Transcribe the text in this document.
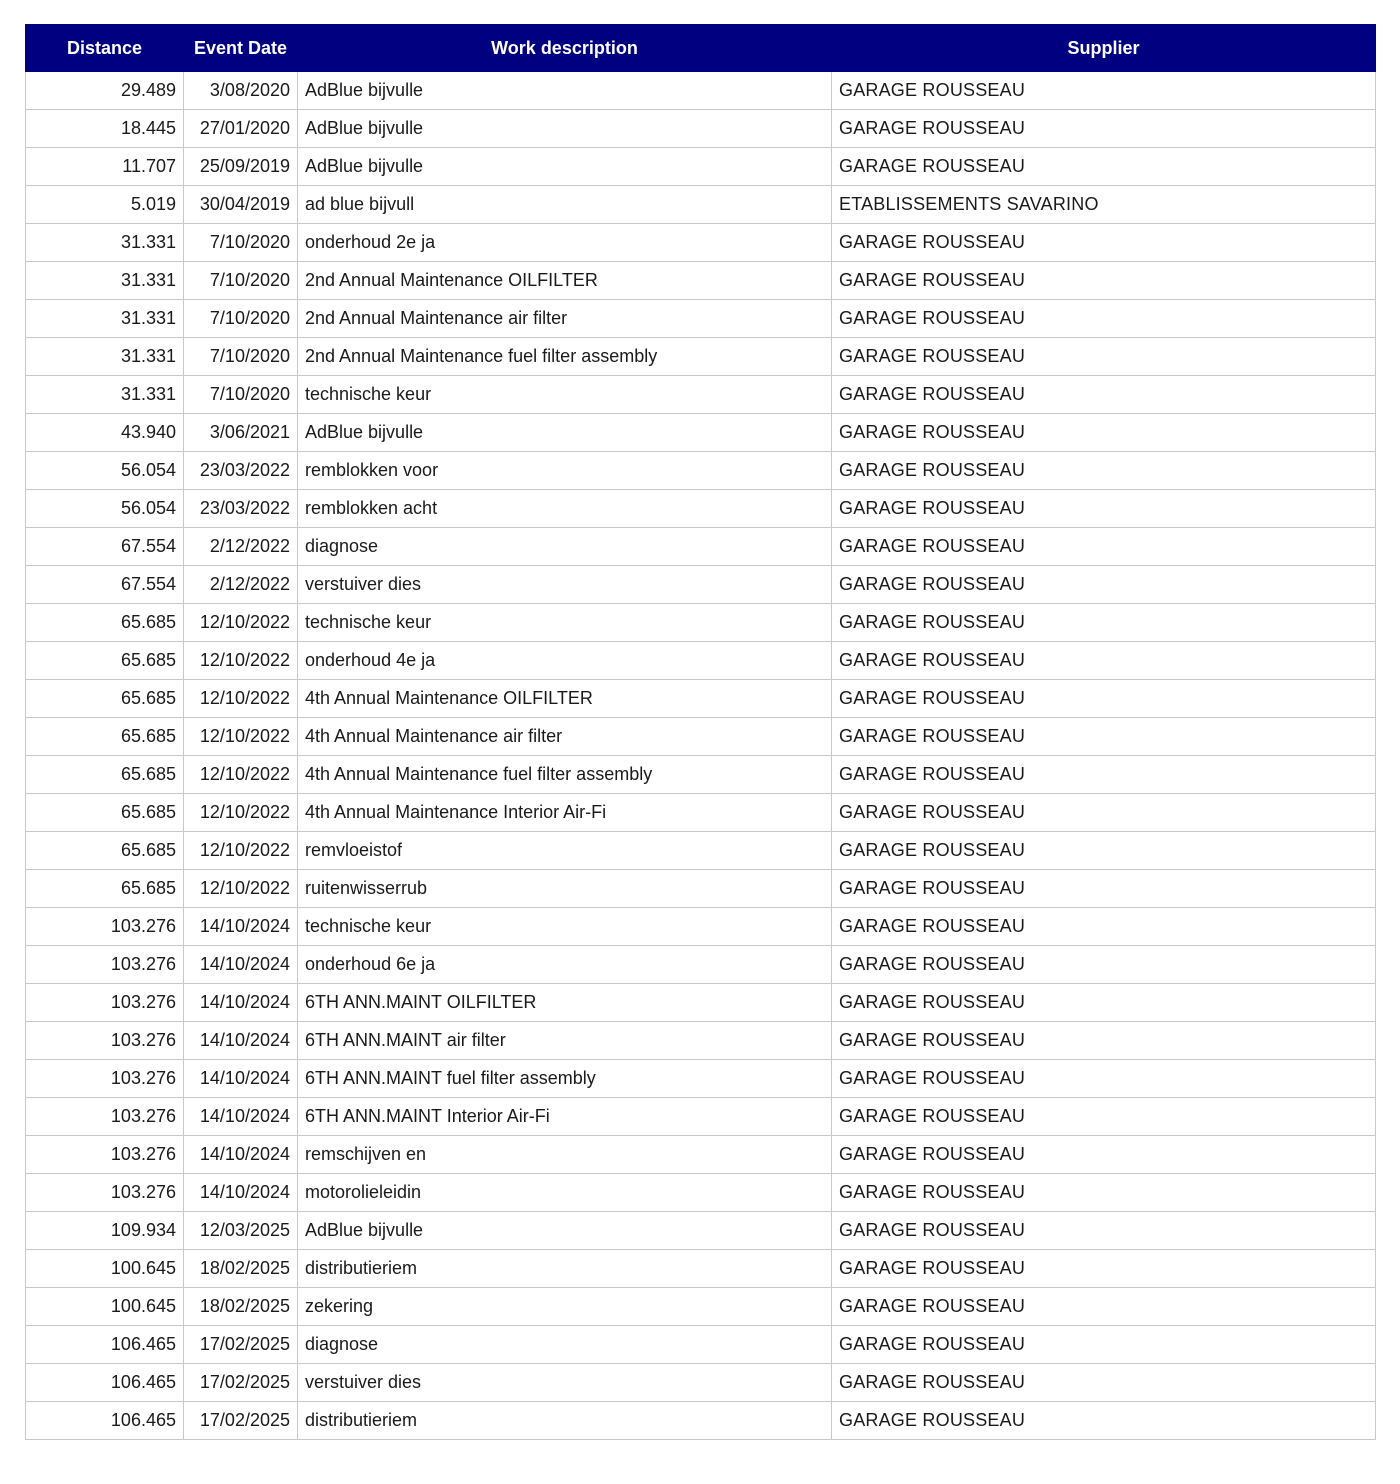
Distance	Event Date	Work description	Supplier
29.489	3/08/2020	AdBlue bijvulle	GARAGE ROUSSEAU
18.445	27/01/2020	AdBlue bijvulle	GARAGE ROUSSEAU
11.707	25/09/2019	AdBlue bijvulle	GARAGE ROUSSEAU
5.019	30/04/2019	ad blue bijvull	ETABLISSEMENTS SAVARINO
31.331	7/10/2020	onderhoud 2e ja	GARAGE ROUSSEAU
31.331	7/10/2020	2nd Annual Maintenance OILFILTER	GARAGE ROUSSEAU
31.331	7/10/2020	2nd Annual Maintenance air filter	GARAGE ROUSSEAU
31.331	7/10/2020	2nd Annual Maintenance fuel filter assembly	GARAGE ROUSSEAU
31.331	7/10/2020	technische keur	GARAGE ROUSSEAU
43.940	3/06/2021	AdBlue bijvulle	GARAGE ROUSSEAU
56.054	23/03/2022	remblokken voor	GARAGE ROUSSEAU
56.054	23/03/2022	remblokken acht	GARAGE ROUSSEAU
67.554	2/12/2022	diagnose	GARAGE ROUSSEAU
67.554	2/12/2022	verstuiver dies	GARAGE ROUSSEAU
65.685	12/10/2022	technische keur	GARAGE ROUSSEAU
65.685	12/10/2022	onderhoud 4e ja	GARAGE ROUSSEAU
65.685	12/10/2022	4th Annual Maintenance OILFILTER	GARAGE ROUSSEAU
65.685	12/10/2022	4th Annual Maintenance air filter	GARAGE ROUSSEAU
65.685	12/10/2022	4th Annual Maintenance fuel filter assembly	GARAGE ROUSSEAU
65.685	12/10/2022	4th Annual Maintenance Interior Air-Fi	GARAGE ROUSSEAU
65.685	12/10/2022	remvloeistof	GARAGE ROUSSEAU
65.685	12/10/2022	ruitenwisserrub	GARAGE ROUSSEAU
103.276	14/10/2024	technische keur	GARAGE ROUSSEAU
103.276	14/10/2024	onderhoud 6e ja	GARAGE ROUSSEAU
103.276	14/10/2024	6TH ANN.MAINT OILFILTER	GARAGE ROUSSEAU
103.276	14/10/2024	6TH ANN.MAINT air filter	GARAGE ROUSSEAU
103.276	14/10/2024	6TH ANN.MAINT fuel filter assembly	GARAGE ROUSSEAU
103.276	14/10/2024	6TH ANN.MAINT Interior Air-Fi	GARAGE ROUSSEAU
103.276	14/10/2024	remschijven en	GARAGE ROUSSEAU
103.276	14/10/2024	motorolieleidin	GARAGE ROUSSEAU
109.934	12/03/2025	AdBlue bijvulle	GARAGE ROUSSEAU
100.645	18/02/2025	distributieriem	GARAGE ROUSSEAU
100.645	18/02/2025	zekering	GARAGE ROUSSEAU
106.465	17/02/2025	diagnose	GARAGE ROUSSEAU
106.465	17/02/2025	verstuiver dies	GARAGE ROUSSEAU
106.465	17/02/2025	distributieriem	GARAGE ROUSSEAU
